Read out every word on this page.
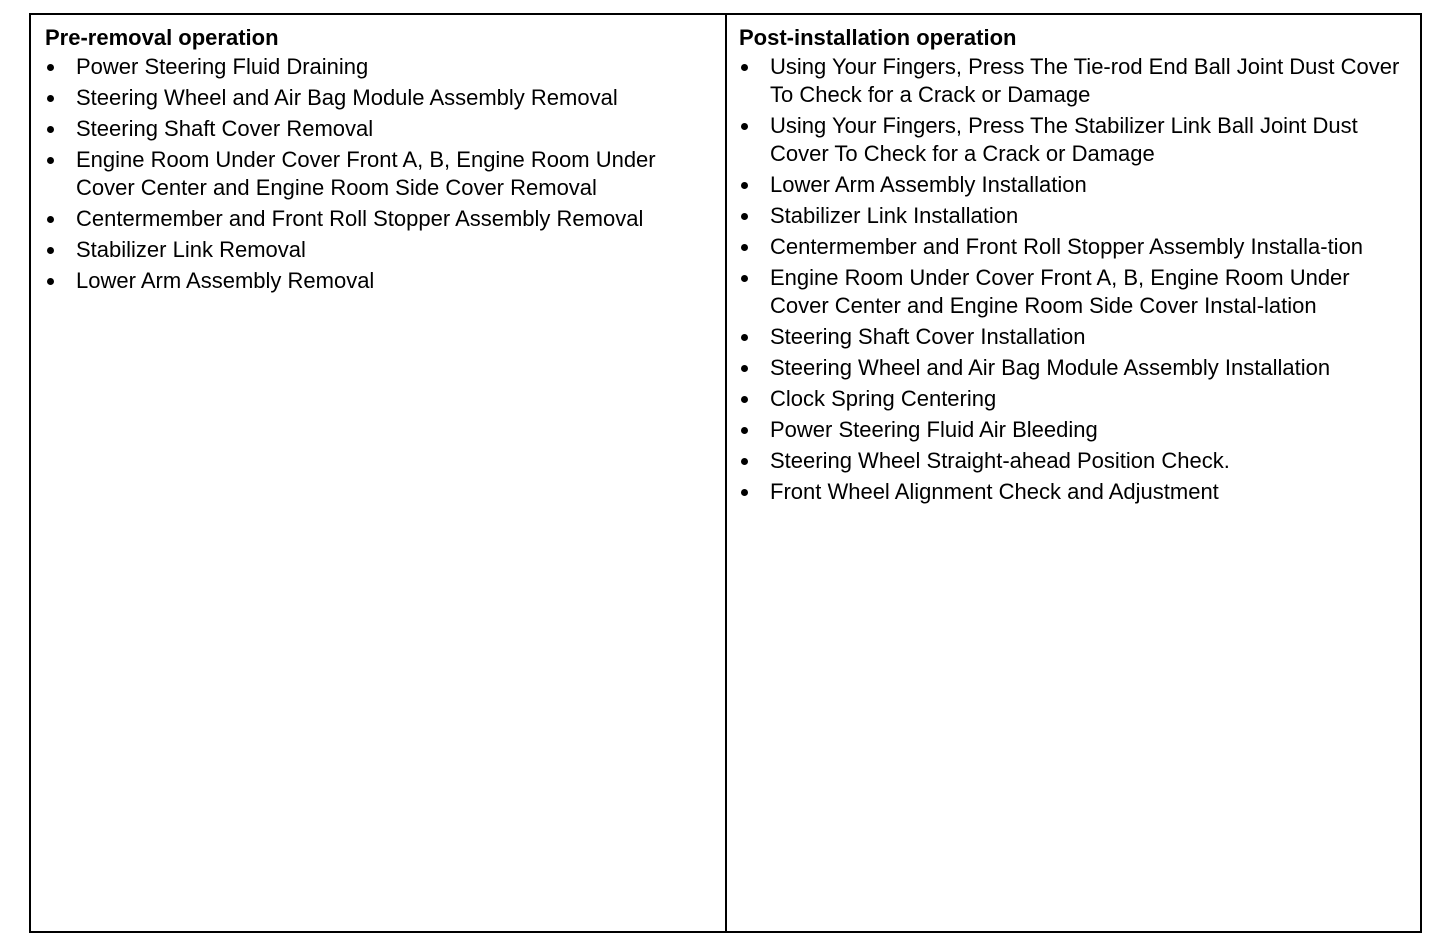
Pre-removal operation
Power Steering Fluid Draining
Steering Wheel and Air Bag Module Assembly Removal
Steering Shaft Cover Removal
Engine Room Under Cover Front A, B, Engine Room Under Cover Center and Engine Room Side Cover Removal
Centermember and Front Roll Stopper Assembly Removal
Stabilizer Link Removal
Lower Arm Assembly Removal
Post-installation operation
Using Your Fingers, Press The Tie-rod End Ball Joint Dust Cover To Check for a Crack or Damage
Using Your Fingers, Press The Stabilizer Link Ball Joint Dust Cover To Check for a Crack or Damage
Lower Arm Assembly Installation
Stabilizer Link Installation
Centermember and Front Roll Stopper Assembly Installa-tion
Engine Room Under Cover Front A, B, Engine Room Under Cover Center and Engine Room Side Cover Instal-lation
Steering Shaft Cover Installation
Steering Wheel and Air Bag Module Assembly Installation
Clock Spring Centering
Power Steering Fluid Air Bleeding
Steering Wheel Straight-ahead Position Check.
Front Wheel Alignment Check and Adjustment
